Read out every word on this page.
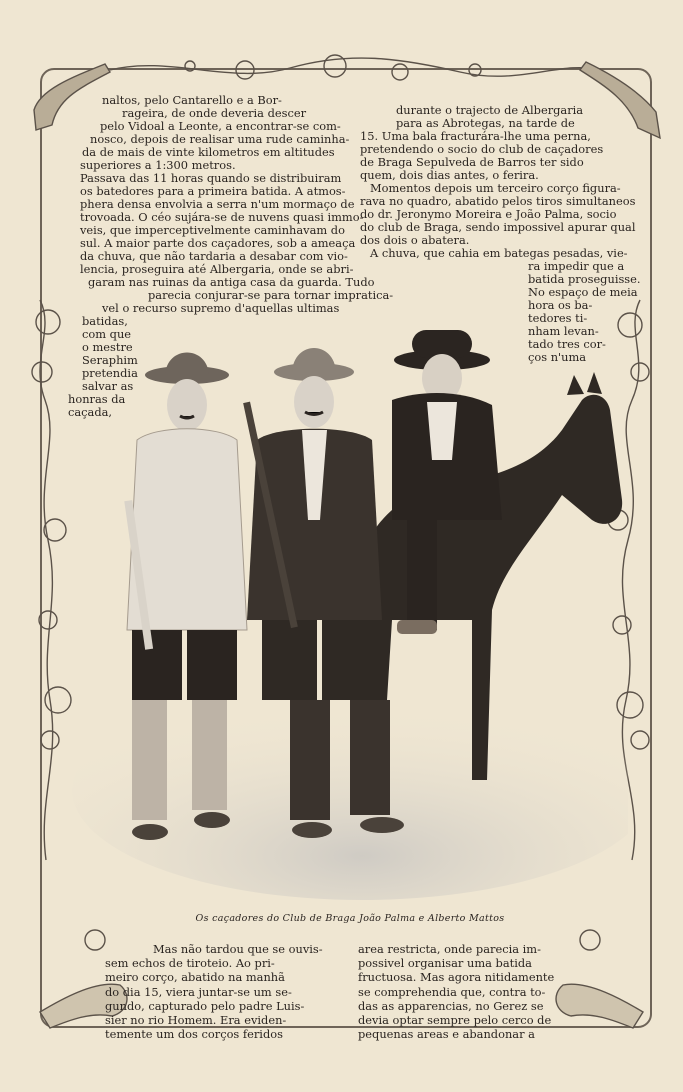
naltos, pelo Cantarello e a Bor-
rageira, de onde deveria descer
pelo Vidoal a Leonte, a encontrar-se com-
nosco, depois de realisar uma rude caminha-
da de mais de vinte kilometros em altitudes
superiores a 1:300 metros.
Passava das 11 horas quando se distribuiram
os batedores para a primeira batida. A atmos-
phera densa envolvia a serra n'um mormaço de
trovoada. O céo sujára-se de nuvens quasi immo-
veis, que imperceptivelmente caminhavam do
sul. A maior parte dos caçadores, sob a ameaça
da chuva, que não tardaria a desabar com vio-
lencia, proseguira até Albergaria, onde se abri-
garam nas ruinas da antiga casa da guarda. Tudo
parecia conjurar-se para tornar impratica-
vel o recurso supremo d'aquellas ultimas
batidas,
com que
o mestre
Seraphim
pretendia
salvar as
honras da
caçada,
durante o trajecto de Albergaria
para as Abrotegas, na tarde de
15. Uma bala fracturára-lhe uma perna,
pretendendo o socio do club de caçadores
de Braga Sepulveda de Barros ter sido
quem, dois dias antes, o ferira.
Momentos depois um terceiro corço figura-
rava no quadro, abatido pelos tiros simultaneos
do dr. Jeronymo Moreira e João Palma, socio
do club de Braga, sendo impossivel apurar qual
dos dois o abatera.
A chuva, que cahia em bategas pesadas, vie-
ra impedir que a
batida proseguisse.
No espaço de meia
hora os ba-
tedores ti-
nham levan-
tado tres cor-
ços n'uma
Os caçadores do Club de Braga João Palma e Alberto Mattos
Mas não tardou que se ouvis-
sem echos de tiroteio. Ao pri-
meiro corço, abatido na manhã
do dia 15, viera juntar-se um se-
gundo, capturado pelo padre Luis-
sier no rio Homem. Era eviden-
temente um dos corços feridos
area restricta, onde parecia im-
possivel organisar uma batida
fructuosa. Mas agora nitidamente
se comprehendia que, contra to-
das as apparencias, no Gerez se
devia optar sempre pelo cerco de
pequenas areas e abandonar a
